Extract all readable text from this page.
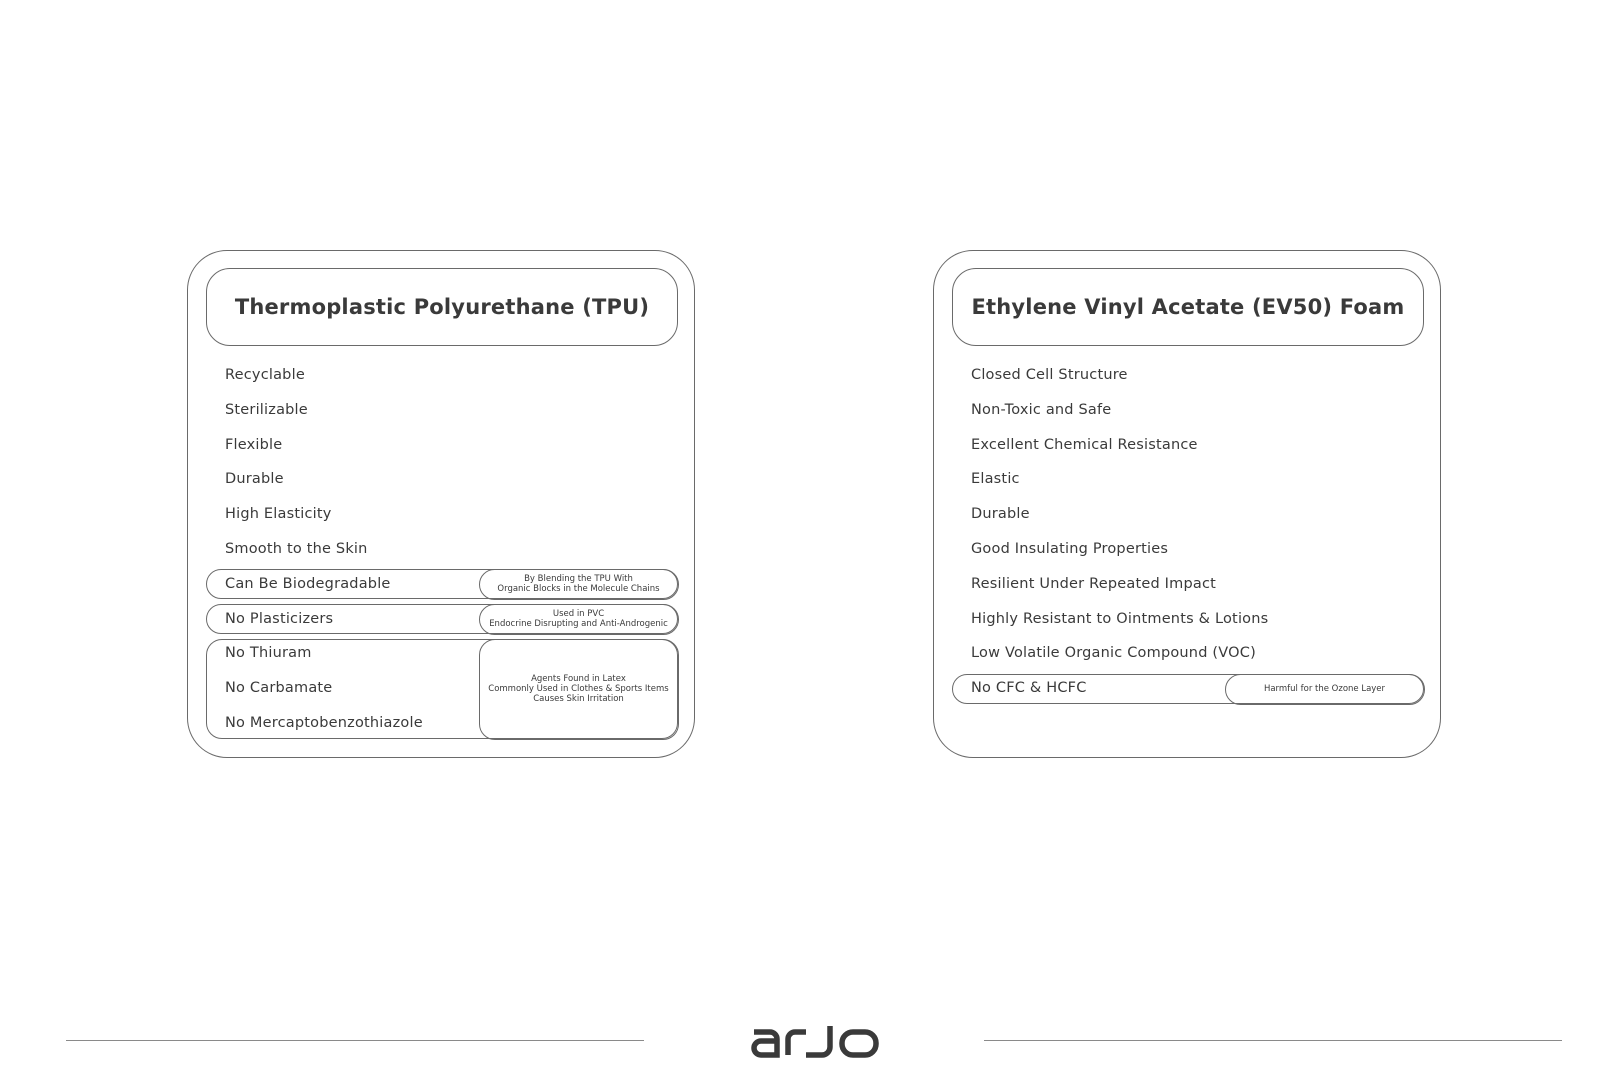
Thermoplastic Polyurethane (TPU)
Recyclable
Sterilizable
Flexible
Durable
High Elasticity
Smooth to the Skin
By Blending the TPU With
Organic Blocks in the Molecule Chains
Can Be Biodegradable
Used in PVC
Endocrine Disrupting and Anti-Androgenic
No Plasticizers
Agents Found in Latex
Commonly Used in Clothes & Sports Items
Causes Skin Irritation
No Thiuram
No Carbamate
No Mercaptobenzothiazole
Ethylene Vinyl Acetate (EV50) Foam
Closed Cell Structure
Non-Toxic and Safe
Excellent Chemical Resistance
Elastic
Durable
Good Insulating Properties
Resilient Under Repeated Impact
Highly Resistant to Ointments & Lotions
Low Volatile Organic Compound (VOC)
Harmful for the Ozone Layer
No CFC & HCFC
